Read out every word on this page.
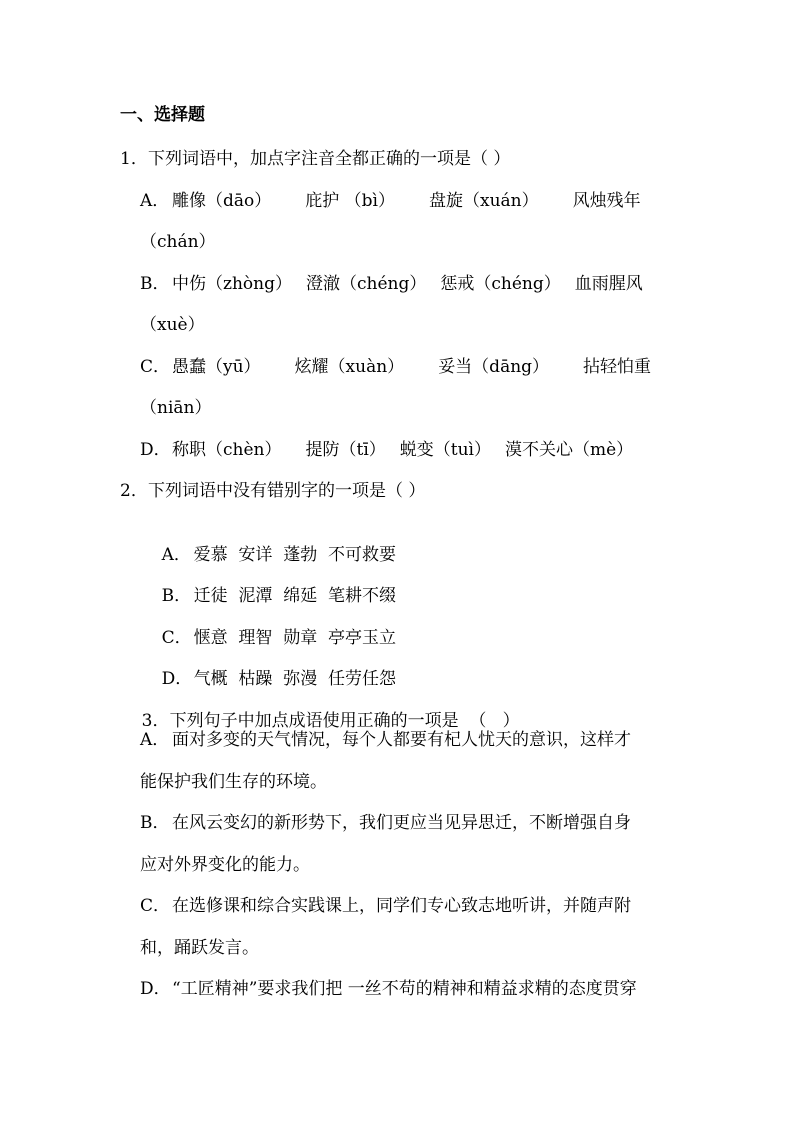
一、选择题
1．下列词语中，加点字注音全都正确的一项是（ ）
A． 雕像（dāo） 庇护 （bì） 盘旋（xuán） 风烛残年
（chán）
B． 中伤（zhòng） 澄澈（chéng） 惩戒（chéng） 血雨腥风
（xuè）
C． 愚蠢（yū） 炫耀（xuàn） 妥当（dāng） 拈轻怕重
（niān）
D．称职（chèn） 提防（tī） 蜕变（tuì） 漠不关心（mè）
2．下列词语中没有错别字的一项是（ ）

A． 爱慕  安详  蓬勃  不可救要

B． 迁徒  泥潭  绵延  笔耕不缀

C． 惬意  理智  勋章  亭亭玉立

D．气概  枯躁  弥漫  任劳任怨

3．下列句子中加点成语使用正确的一项是  （   ）

A． 面对多变的天气情况，每个人都要有杞人忧天的意识，这样才
能保护我们生存的环境。
B． 在风云变幻的新形势下，我们更应当见异思迁，不断增强自身
应对外界变化的能力。
C． 在选修课和综合实践课上，同学们专心致志地听讲，并随声附
和，踊跃发言。
D．“工匠精神”要求我们把 一丝不苟的精神和精益求精的态度贯穿
